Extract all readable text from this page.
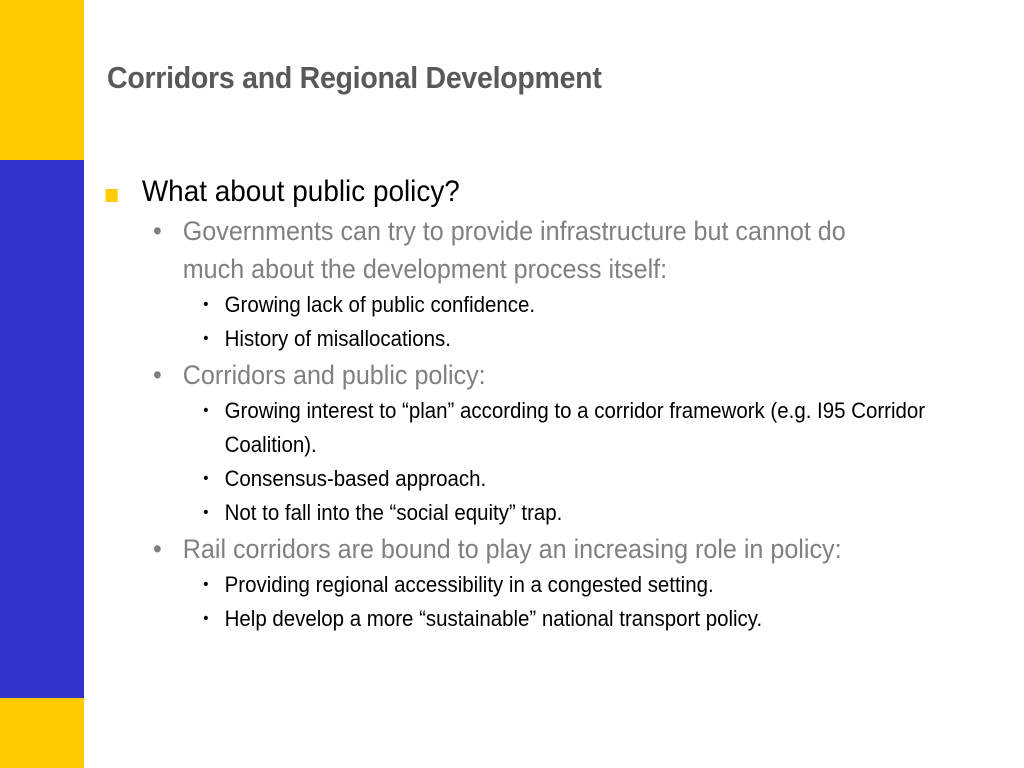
Corridors and Regional Development
What about public policy?
• Governments can try to provide infrastructure but cannot do much about the development process itself:
• Growing lack of public confidence.
• History of misallocations.
• Corridors and public policy:
• Growing interest to “plan” according to a corridor framework (e.g. I95 Corridor Coalition).
• Consensus-based approach.
• Not to fall into the “social equity” trap.
• Rail corridors are bound to play an increasing role in policy:
• Providing regional accessibility in a congested setting.
• Help develop a more “sustainable” national transport policy.
